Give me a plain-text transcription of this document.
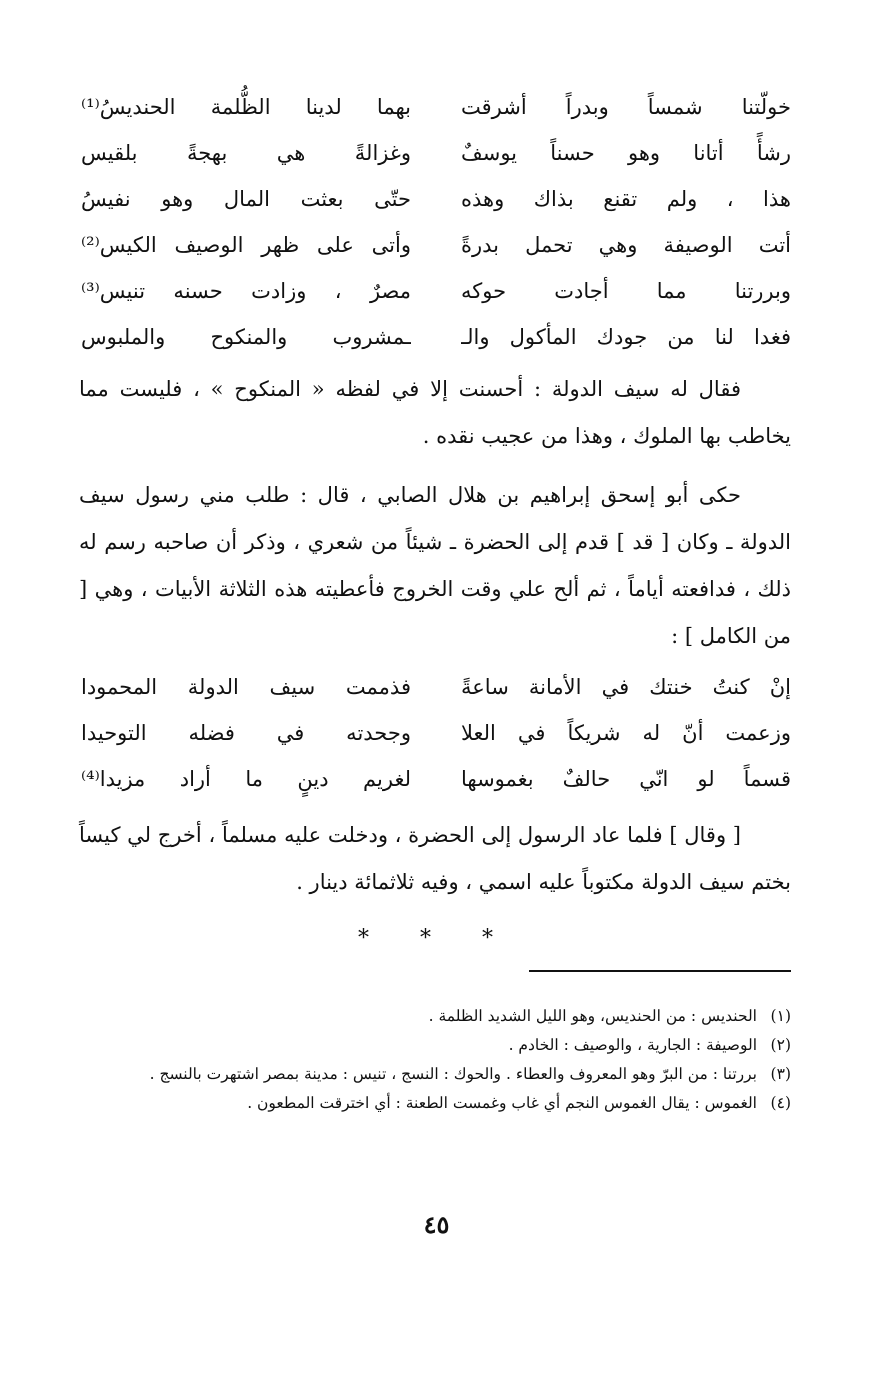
خولّتنا شمساً وبدراً أشرقت
بهما لدينا الظُّلمة الحنديسُ⁽¹⁾
رشأً أتانا وهو حسناً يوسفٌ
وغزالةً هي بهجةً بلقيس
هذا ، ولم تقنع بذاك وهذه
حتّى بعثت المال وهو نفيسُ
أتت الوصيفة وهي تحمل بدرةً
وأتى على ظهر الوصيف الكيس⁽²⁾
وبررتنا مما أجادت حوكه
مصرٌ ، وزادت حسنه تنيس⁽³⁾
فغدا لنا من جودك المأكول والـ
ـمشروب والمنكوح والملبوس

فقال له سيف الدولة : أحسنت إلا في لفظه « المنكوح » ، فليست مما يخاطب بها الملوك ، وهذا من عجيب نقده .

حكى أبو إسحق إبراهيم بن هلال الصابي ، قال : طلب مني رسول سيف الدولة ـ وكان [ قد ] قدم إلى الحضرة ـ شيئاً من شعري ، وذكر أن صاحبه رسم له ذلك ، فدافعته أياماً ، ثم ألح علي وقت الخروج فأعطيته هذه الثلاثة الأبيات ، وهي [ من الكامل ] :

إنْ كنتُ خنتك في الأمانة ساعةً
فذممت سيف الدولة المحمودا
وزعمت أنّ له شريكاً في العلا
وجحدته في فضله التوحيدا
قسماً لو انّي حالفٌ بغموسها
لغريم دينٍ ما أراد مزيدا⁽⁴⁾

[ وقال ] فلما عاد الرسول إلى الحضرة ، ودخلت عليه مسلماً ، أخرج لي كيساً بختم سيف الدولة مكتوباً عليه اسمي ، وفيه ثلاثمائة دينار .

* * *
(١)
الحنديس : من الحنديس، وهو الليل الشديد الظلمة .
(٢)
الوصيفة : الجارية ، والوصيف : الخادم .
(٣)
بررتنا : من البرّ وهو المعروف والعطاء . والحوك : النسج ، تنيس : مدينة بمصر اشتهرت بالنسج .
(٤)
الغموس : يقال الغموس النجم أي غاب وغمست الطعنة : أي اخترقت المطعون .
٤٥
